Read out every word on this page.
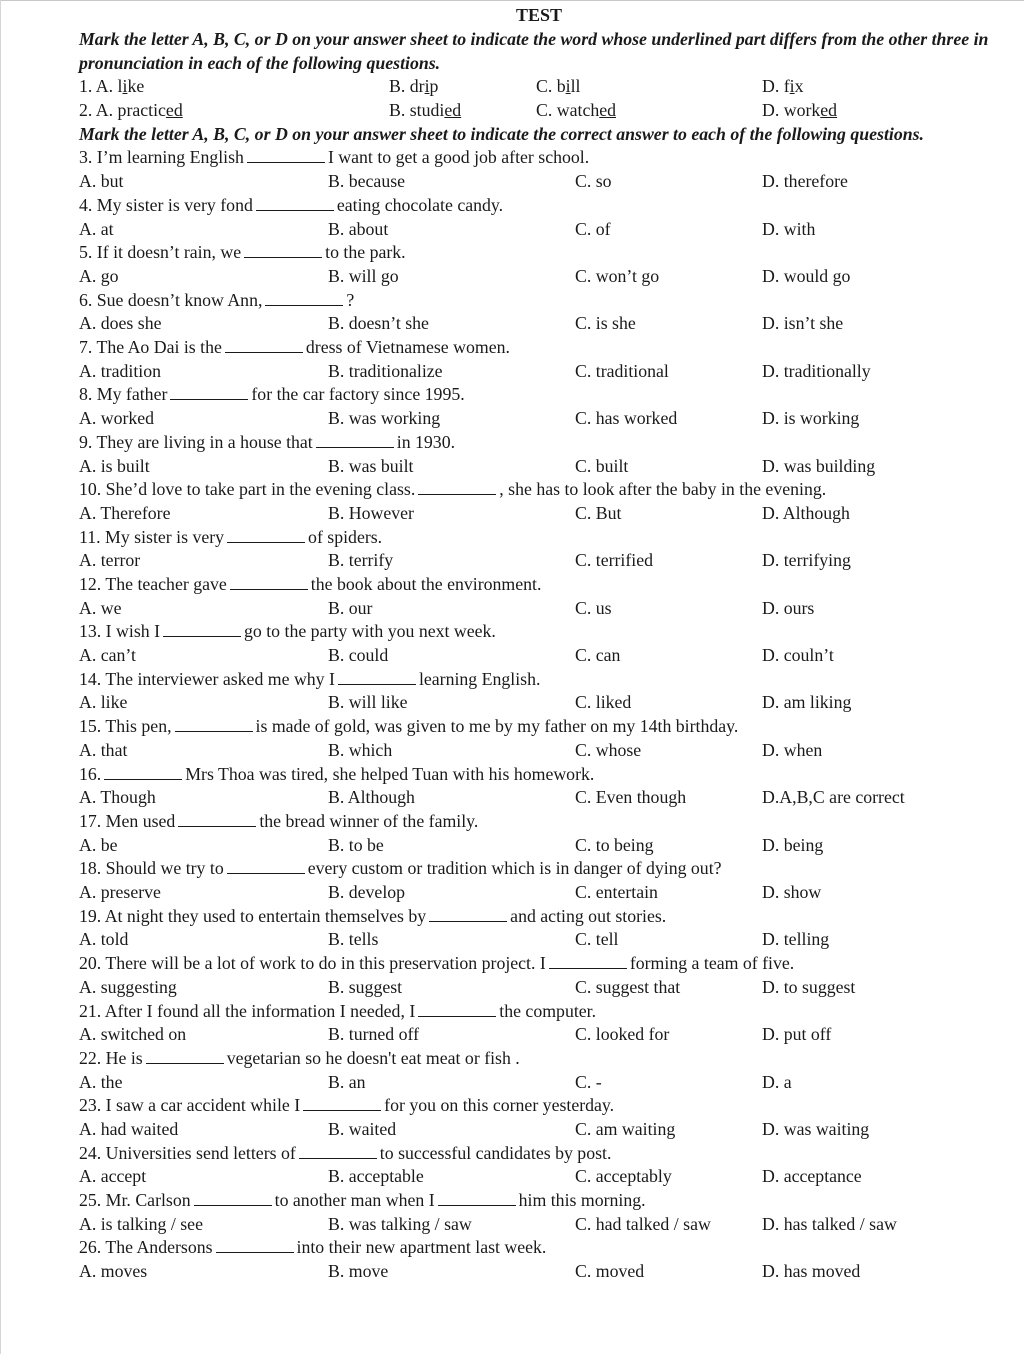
TEST
Mark the letter A, B, C, or D on your answer sheet to indicate the word whose underlined part differs from the other three in pronunciation in each of the following questions.
1. A. like	B. drip	C. bill	D. fix
2. A. practiced	B. studied	C. watched	D. worked
Mark the letter A, B, C, or D on your answer sheet to indicate the correct answer to each of the following questions.
3. I’m learning English	I want to get a good job after school.
A. but	B. because	C. so	D. therefore
4. My sister is very fond	eating chocolate candy.
A. at	B. about	C. of	D. with
5. If it doesn’t rain, we	to the park.
A. go	B. will go	C. won’t go	D. would go
6. Sue doesn’t know Ann,	?
A. does she	B. doesn’t she	C. is she	D. isn’t she
7. The Ao Dai is the	dress of Vietnamese women.
A. tradition	B. traditionalize	C. traditional	D. traditionally
8. My father	for the car factory since 1995.
A. worked	B. was working	C. has worked	D. is working
9. They are living in a house that	in 1930.
A. is built	B. was built	C. built	D. was building
10. She’d love to take part in the evening class.	, she has to look after the baby in the evening.
A. Therefore	B. However	C. But	D. Although
11. My sister is very	of spiders.
A. terror	B. terrify	C. terrified	D. terrifying
12. The teacher gave	the book about the environment.
A. we	B. our	C. us	D. ours
13. I wish I	go to the party with you next week.
A. can’t	B. could	C. can	D. couln’t
14. The interviewer asked me why I	learning English.
A. like	B. will like	C. liked	D. am liking
15. This pen,	is made of gold, was given to me by my father on my 14th birthday.
A. that	B. which	C. whose	D. when
16.	Mrs Thoa was tired, she helped Tuan with his homework.
A. Though	B. Although	C. Even though	D.A,B,C are correct
17. Men used	the bread winner of the family.
A. be	B. to be	C. to being	D. being
18. Should we try to	every custom or tradition which is in danger of dying out?
A. preserve	B. develop	C. entertain	D. show
19. At night they used to entertain themselves by	and acting out stories.
A. told	B. tells	C. tell	D. telling
20. There will be a lot of work to do in this preservation project. I	forming a team of five.
A. suggesting	B. suggest	C. suggest that	D. to suggest
21. After I found all the information I needed, I	the computer.
A. switched on	B. turned off	C. looked for	D. put off
22. He is	vegetarian so he doesn't eat meat or fish .
A. the	B. an	C. -	D. a
23. I saw a car accident while I	for you on this corner yesterday.
A. had waited	B. waited	C. am waiting	D. was waiting
24. Universities send letters of	to successful candidates by post.
A. accept	B. acceptable	C. acceptably	D. acceptance
25. Mr. Carlson	to another man when I	him this morning.
A. is talking / see	B. was talking / saw	C. had talked / saw	D. has talked / saw
26. The Andersons	into their new apartment last week.
A. moves	B. move	C. moved	D. has moved
